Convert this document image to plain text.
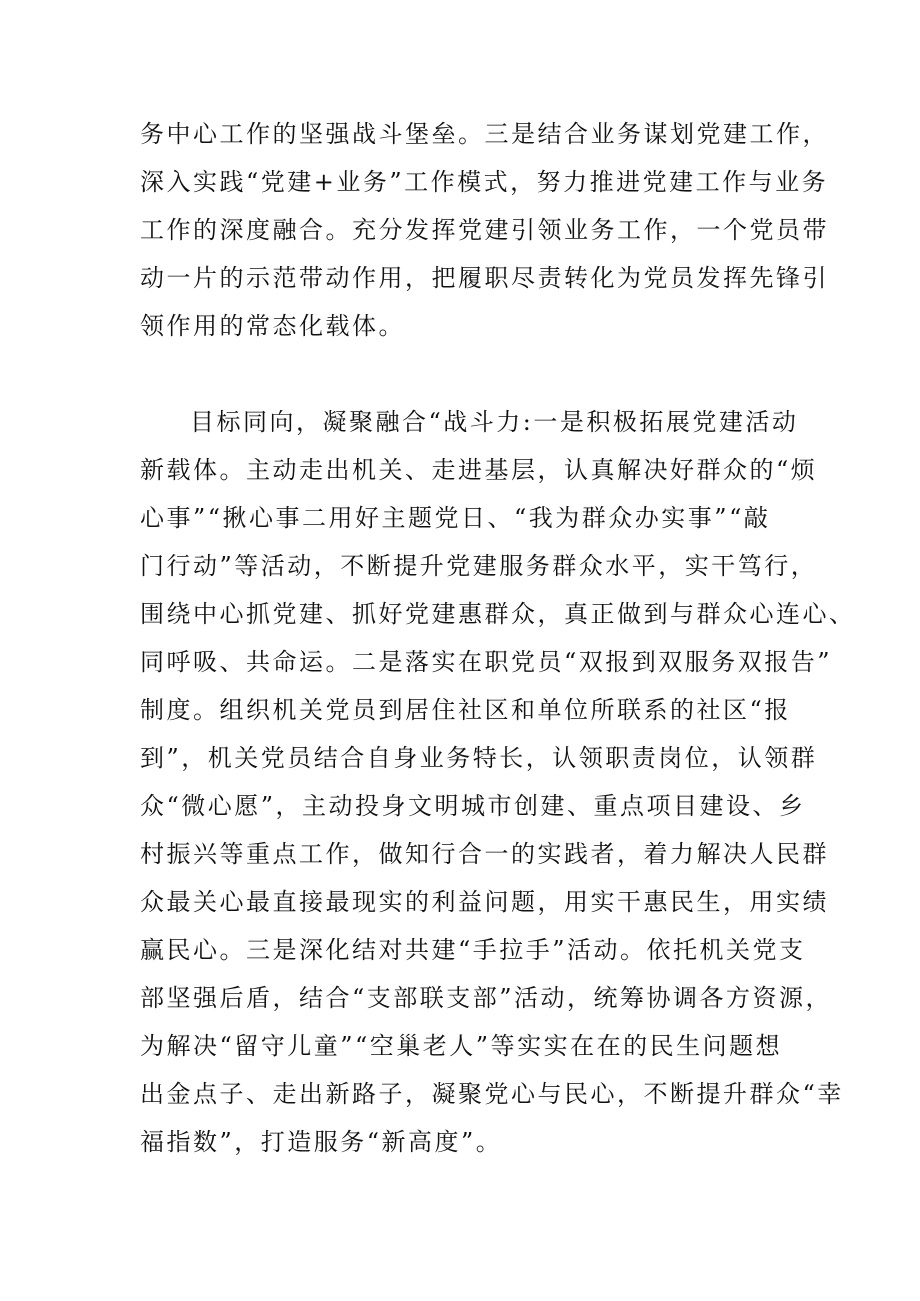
务中心工作的坚强战斗堡垒。三是结合业务谋划党建工作，
深入实践“党建+业务”工作模式，努力推进党建工作与业务
工作的深度融合。充分发挥党建引领业务工作，一个党员带
动一片的示范带动作用，把履职尽责转化为党员发挥先锋引
领作用的常态化载体。
目标同向，凝聚融合“战斗力:一是积极拓展党建活动
新载体。主动走出机关、走进基层，认真解决好群众的“烦
心事”“揪心事二用好主题党日、“我为群众办实事”“敲
门行动”等活动，不断提升党建服务群众水平，实干笃行，
围绕中心抓党建、抓好党建惠群众，真正做到与群众心连心、
同呼吸、共命运。二是落实在职党员“双报到双服务双报告”
制度。组织机关党员到居住社区和单位所联系的社区“报
到”，机关党员结合自身业务特长，认领职责岗位，认领群
众“微心愿”，主动投身文明城市创建、重点项目建设、乡
村振兴等重点工作，做知行合一的实践者，着力解决人民群
众最关心最直接最现实的利益问题，用实干惠民生，用实绩
赢民心。三是深化结对共建“手拉手”活动。依托机关党支
部坚强后盾，结合“支部联支部”活动，统筹协调各方资源，
为解决“留守儿童”“空巢老人”等实实在在的民生问题想
出金点子、走出新路子，凝聚党心与民心，不断提升群众“幸
福指数”，打造服务“新高度”。
